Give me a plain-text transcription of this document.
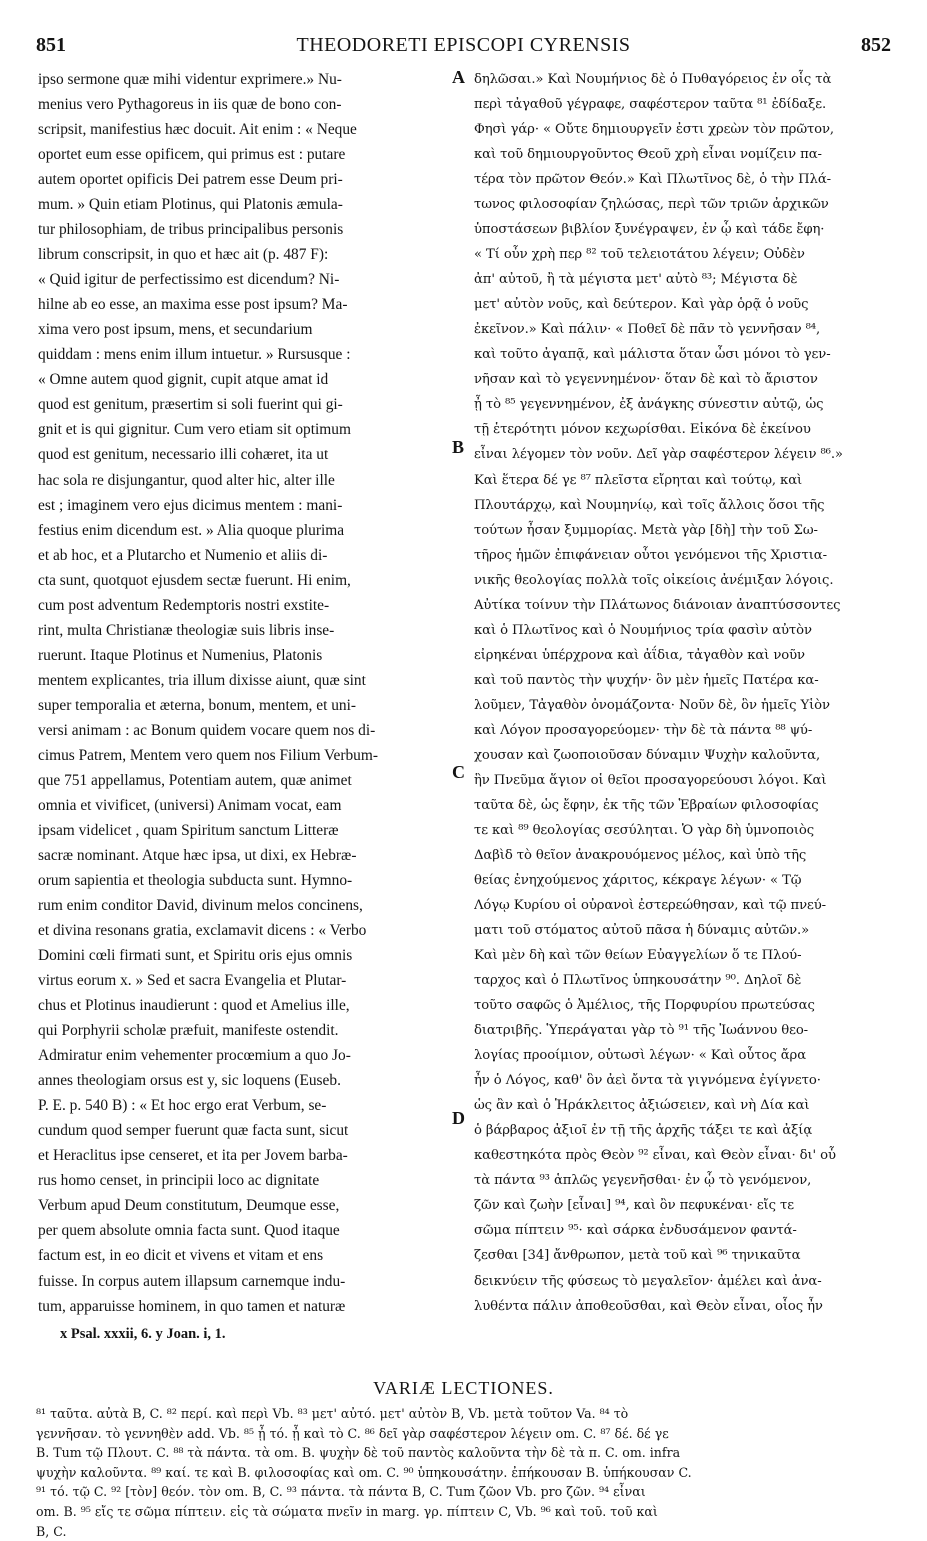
851	THEODORETI EPISCOPI CYRENSIS	852
ipso sermone quæ mihi videntur exprimere.» Nu-
menius vero Pythagoreus in iis quæ de bono con-
scripsit, manifestius hæc docuit. Ait enim : « Neque
oportet eum esse opificem, qui primus est : putare
autem oportet opificis Dei patrem esse Deum pri-
mum. » Quin etiam Plotinus, qui Platonis æmula-
tur philosophiam, de tribus principalibus personis
librum conscripsit, in quo et hæc ait (p. 487 F):
« Quid igitur de perfectissimo est dicendum? Ni-
hilne ab eo esse, an maxima esse post ipsum? Ma-
xima vero post ipsum, mens, et secundarium
quiddam : mens enim illum intuetur. » Rursusque :
« Omne autem quod gignit, cupit atque amat id
quod est genitum, præsertim si soli fuerint qui gi-
gnit et is qui gignitur. Cum vero etiam sit optimum
quod est genitum, necessario illi cohæret, ita ut
hac sola re disjungantur, quod alter hic, alter ille
est ; imaginem vero ejus dicimus mentem : mani-
festius enim dicendum est. » Alia quoque plurima
et ab hoc, et a Plutarcho et Numenio et aliis di-
cta sunt, quotquot ejusdem sectæ fuerunt. Hi enim,
cum post adventum Redemptoris nostri exstite-
rint, multa Christianæ theologiæ suis libris inse-
ruerunt. Itaque Plotinus et Numenius, Platonis
mentem explicantes, tria illum dixisse aiunt, quæ sint
super temporalia et æterna, bonum, mentem, et uni-
versi animam : ac Bonum quidem vocare quem nos di-
cimus Patrem, Mentem vero quem nos Filium Verbum-
que 751 appellamus, Potentiam autem, quæ animet
omnia et vivificet, (universi) Animam vocat, eam
ipsam videlicet , quam Spiritum sanctum Litteræ
sacræ nominant. Atque hæc ipsa, ut dixi, ex Hebræ-
orum sapientia et theologia subducta sunt. Hymno-
rum enim conditor David, divinum melos concinens,
et divina resonans gratia, exclamavit dicens : « Verbo
Domini cœli firmati sunt, et Spiritu oris ejus omnis
virtus eorum x. » Sed et sacra Evangelia et Plutar-
chus et Plotinus inaudierunt : quod et Amelius ille,
qui Porphyrii scholæ præfuit, manifeste ostendit.
Admiratur enim vehementer procœmium a quo Jo-
annes theologiam orsus est y, sic loquens (Euseb.
P. E. p. 540 B) : « Et hoc ergo erat Verbum, se-
cundum quod semper fuerunt quæ facta sunt, sicut
et Heraclitus ipse censeret, et ita per Jovem barba-
rus homo censet, in principii loco ac dignitate
Verbum apud Deum constitutum, Deumque esse,
per quem absolute omnia facta sunt. Quod itaque
factum est, in eo dicit et vivens et vitam et ens
fuisse. In corpus autem illapsum carnemque indu-
tum, apparuisse hominem, in quo tamen et naturæ
δηλῶσαι.» Καὶ Νουμήνιος δὲ ὁ Πυθαγόρειος ἐν οἷς τὰ
περὶ τἀγαθοῦ γέγραφε, σαφέστερον ταῦτα ⁸¹ ἐδίδαξε.
Φησὶ γάρ· « Οὔτε δημιουργεῖν ἐστι χρεὼν τὸν πρῶτον,
καὶ τοῦ δημιουργοῦντος Θεοῦ χρὴ εἶναι νομίζειν πα-
τέρα τὸν πρῶτον Θεόν.» Καὶ Πλωτῖνος δὲ, ὁ τὴν Πλά-
τωνος φιλοσοφίαν ζηλώσας, περὶ τῶν τριῶν ἀρχικῶν
ὑποστάσεων βιβλίον ξυνέγραψεν, ἐν ᾧ καὶ τάδε ἔφη·
« Τί οὖν χρὴ περ ⁸² τοῦ τελειοτάτου λέγειν; Οὐδὲν
ἀπ' αὐτοῦ, ἢ τὰ μέγιστα μετ' αὐτὸ ⁸³; Μέγιστα δὲ
μετ' αὐτὸν νοῦς, καὶ δεύτερον. Καὶ γὰρ ὁρᾷ ὁ νοῦς
ἐκεῖνον.» Καὶ πάλιν· « Ποθεῖ δὲ πᾶν τὸ γεννῆσαν ⁸⁴,
καὶ τοῦτο ἀγαπᾷ, καὶ μάλιστα ὅταν ὦσι μόνοι τὸ γεν-
νῆσαν καὶ τὸ γεγεννημένον· ὅταν δὲ καὶ τὸ ἄριστον
ᾖ τὸ ⁸⁵ γεγεννημένον, ἐξ ἀνάγκης σύνεστιν αὐτῷ, ὡς
τῇ ἑτερότητι μόνον κεχωρίσθαι. Εἰκόνα δὲ ἐκείνου
εἶναι λέγομεν τὸν νοῦν. Δεῖ γὰρ σαφέστερον λέγειν ⁸⁶.»
Καὶ ἕτερα δέ γε ⁸⁷ πλεῖστα εἴρηται καὶ τούτῳ, καὶ
Πλουτάρχῳ, καὶ Νουμηνίῳ, καὶ τοῖς ἄλλοις ὅσοι τῆς
τούτων ἦσαν ξυμμορίας. Μετὰ γὰρ [δὴ] τὴν τοῦ Σω-
τῆρος ἡμῶν ἐπιφάνειαν οὗτοι γενόμενοι τῆς Χριστια-
νικῆς θεολογίας πολλὰ τοῖς οἰκείοις ἀνέμιξαν λόγοις.
Αὐτίκα τοίνυν τὴν Πλάτωνος διάνοιαν ἀναπτύσσοντες
καὶ ὁ Πλωτῖνος καὶ ὁ Νουμήνιος τρία φασὶν αὐτὸν
εἰρηκέναι ὑπέρχρονα καὶ ἀΐδια, τἀγαθὸν καὶ νοῦν
καὶ τοῦ παντὸς τὴν ψυχήν· ὃν μὲν ἡμεῖς Πατέρα κα-
λοῦμεν, Τἀγαθὸν ὀνομάζοντα· Νοῦν δὲ, ὃν ἡμεῖς Υἱὸν
καὶ Λόγον προσαγορεύομεν· τὴν δὲ τὰ πάντα ⁸⁸ ψύ-
χουσαν καὶ ζωοποιοῦσαν δύναμιν Ψυχὴν καλοῦντα,
ἣν Πνεῦμα ἅγιον οἱ θεῖοι προσαγορεύουσι λόγοι. Καὶ
ταῦτα δὲ, ὡς ἔφην, ἐκ τῆς τῶν Ἑβραίων φιλοσοφίας
τε καὶ ⁸⁹ θεολογίας σεσύληται. Ὁ γὰρ δὴ ὑμνοποιὸς
Δαβὶδ τὸ θεῖον ἀνακρουόμενος μέλος, καὶ ὑπὸ τῆς
θείας ἐνηχούμενος χάριτος, κέκραγε λέγων· « Τῷ
Λόγῳ Κυρίου οἱ οὐρανοὶ ἐστερεώθησαν, καὶ τῷ πνεύ-
ματι τοῦ στόματος αὐτοῦ πᾶσα ἡ δύναμις αὐτῶν.»
Καὶ μὲν δὴ καὶ τῶν θείων Εὐαγγελίων ὅ τε Πλού-
ταρχος καὶ ὁ Πλωτῖνος ὑπηκουσάτην ⁹⁰. Δηλοῖ δὲ
τοῦτο σαφῶς ὁ Ἀμέλιος, τῆς Πορφυρίου πρωτεύσας
διατριβῆς. Ὑπεράγαται γὰρ τὸ ⁹¹ τῆς Ἰωάννου θεο-
λογίας προοίμιον, οὑτωσὶ λέγων· « Καὶ οὗτος ἄρα
ἦν ὁ Λόγος, καθ' ὃν ἀεὶ ὄντα τὰ γιγνόμενα ἐγίγνετο·
ὡς ἂν καὶ ὁ Ἡράκλειτος ἀξιώσειεν, καὶ νὴ Δία καὶ
ὁ βάρβαρος ἀξιοῖ ἐν τῇ τῆς ἀρχῆς τάξει τε καὶ ἀξίᾳ
καθεστηκότα πρὸς Θεὸν ⁹² εἶναι, καὶ Θεὸν εἶναι· δι' οὗ
τὰ πάντα ⁹³ ἁπλῶς γεγενῆσθαι· ἐν ᾧ τὸ γενόμενον,
ζῶν καὶ ζωὴν [εἶναι] ⁹⁴, καὶ ὂν πεφυκέναι· εἴς τε
σῶμα πίπτειν ⁹⁵· καὶ σάρκα ἐνδυσάμενον φαντά-
ζεσθαι [34] ἄνθρωπον, μετὰ τοῦ καὶ ⁹⁶ τηνικαῦτα
δεικνύειν τῆς φύσεως τὸ μεγαλεῖον· ἀμέλει καὶ ἀνα-
λυθέντα πάλιν ἀποθεοῦσθαι, καὶ Θεὸν εἶναι, οἷος ἦν
A
B
C
D
x Psal. xxxii, 6. y Joan. i, 1.
VARIÆ LECTIONES.
⁸¹ ταῦτα. αὐτὰ B, C. ⁸² περί. καὶ περὶ Vb. ⁸³ μετ' αὐτό. μετ' αὐτὸν B, Vb. μετὰ τοῦτον Va. ⁸⁴ τὸ
γεννῆσαν. τὸ γεννηθὲν add. Vb. ⁸⁵ ᾖ τό. ᾖ καὶ τὸ C. ⁸⁶ δεῖ γὰρ σαφέστερον λέγειν om. C. ⁸⁷ δέ. δέ γε
B. Tum τῷ Πλουτ. C. ⁸⁸ τὰ πάντα. τὰ om. B. ψυχὴν δὲ τοῦ παντὸς καλοῦντα τὴν δὲ τὰ π. C. om. infra
ψυχὴν καλοῦντα. ⁸⁹ καί. τε καὶ B. φιλοσοφίας καὶ om. C. ⁹⁰ ὑπηκουσάτην. ἐπήκουσαν B. ὑπήκουσαν C.
⁹¹ τό. τῷ C. ⁹² [τὸν] θεόν. τὸν om. B, C. ⁹³ πάντα. τὰ πάντα B, C. Tum ζῶον Vb. pro ζῶν. ⁹⁴ εἶναι
om. B. ⁹⁵ εἴς τε σῶμα πίπτειν. εἰς τὰ σώματα πνεῖν in marg. γρ. πίπτειν C, Vb. ⁹⁶ καὶ τοῦ. τοῦ καὶ
B, C.
